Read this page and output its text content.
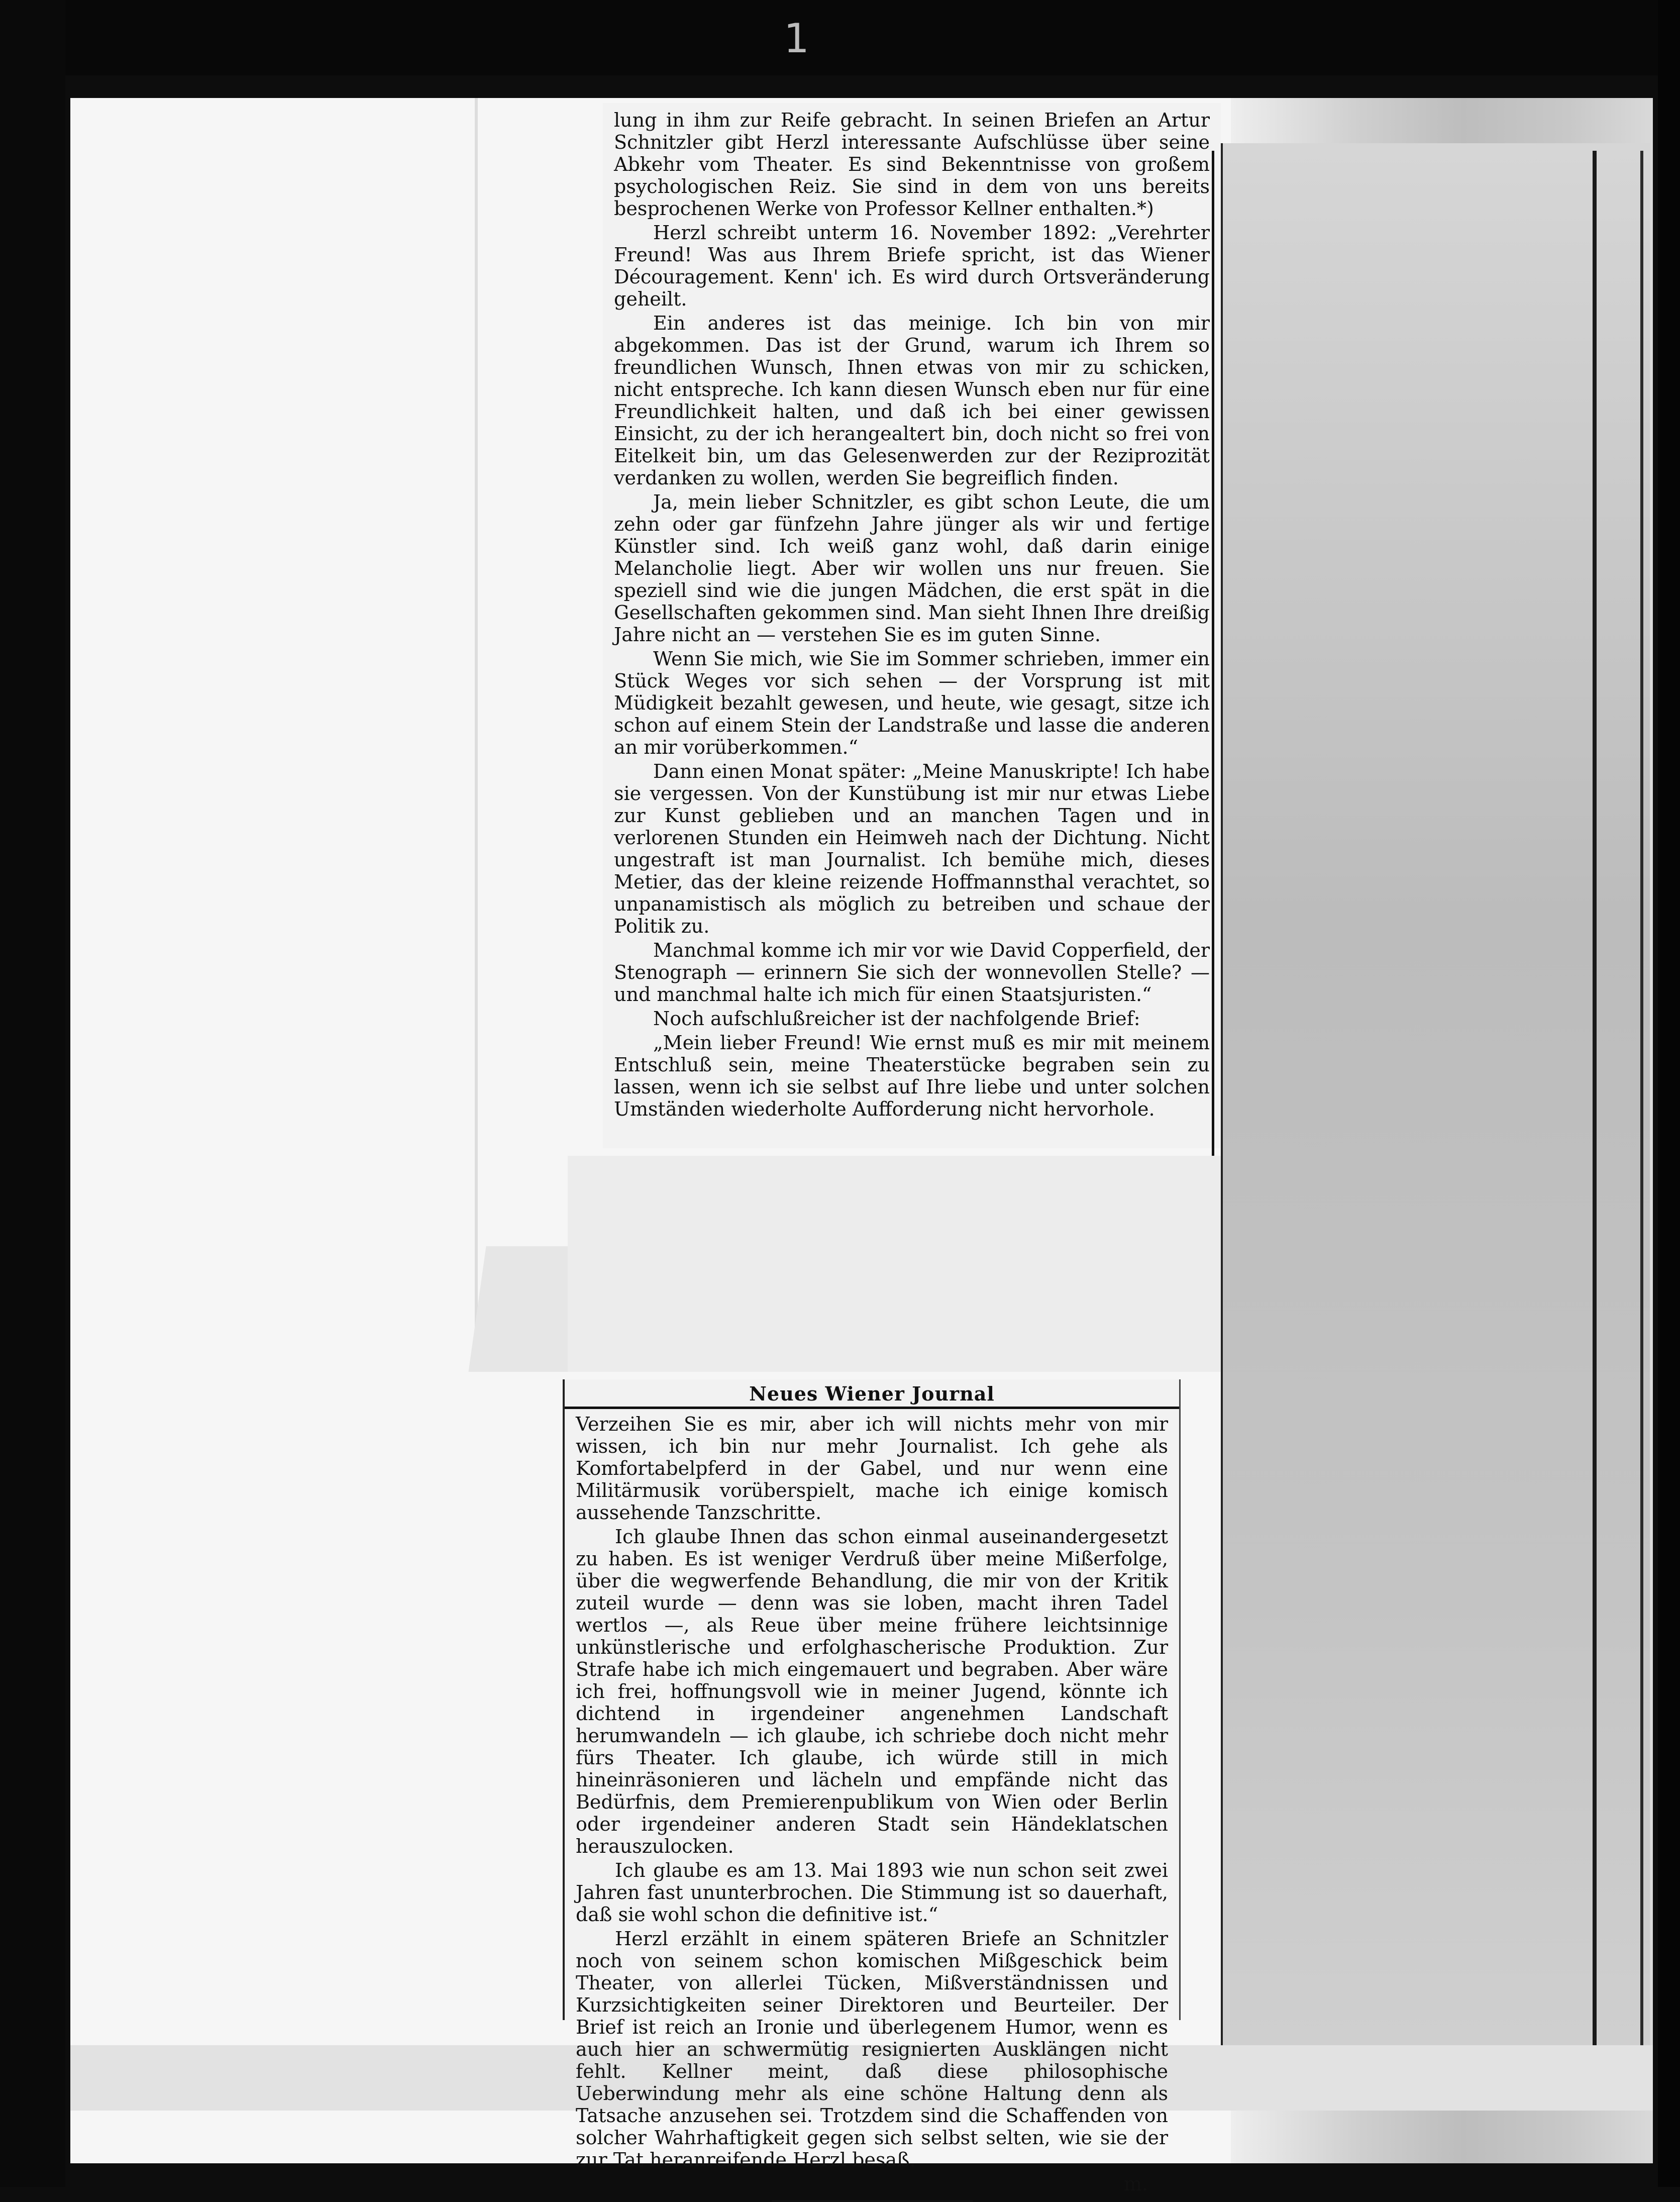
1

lung in ihm zur Reife gebracht. In seinen Briefen an Artur Schnitzler gibt Herzl interessante Aufschlüsse über seine Abkehr vom Theater. Es sind Bekenntnisse von großem psychologischen Reiz. Sie sind in dem von uns bereits besprochenen Werke von Professor Kellner enthalten.*)

Herzl schreibt unterm 16. November 1892: „Verehrter Freund! Was aus Ihrem Briefe spricht, ist das Wiener Découragement. Kenn' ich. Es wird durch Ortsveränderung geheilt.

Ein anderes ist das meinige. Ich bin von mir abgekommen. Das ist der Grund, warum ich Ihrem so freundlichen Wunsch, Ihnen etwas von mir zu schicken, nicht entspreche. Ich kann diesen Wunsch eben nur für eine Freundlichkeit halten, und daß ich bei einer gewissen Einsicht, zu der ich herangealtert bin, doch nicht so frei von Eitelkeit bin, um das Gelesenwerden zur der Reziprozität verdanken zu wollen, werden Sie begreiflich finden.

Ja, mein lieber Schnitzler, es gibt schon Leute, die um zehn oder gar fünfzehn Jahre jünger als wir und fertige Künstler sind. Ich weiß ganz wohl, daß darin einige Melancholie liegt. Aber wir wollen uns nur freuen. Sie speziell sind wie die jungen Mädchen, die erst spät in die Gesellschaften gekommen sind. Man sieht Ihnen Ihre dreißig Jahre nicht an — verstehen Sie es im guten Sinne.

Wenn Sie mich, wie Sie im Sommer schrieben, immer ein Stück Weges vor sich sehen — der Vorsprung ist mit Müdigkeit bezahlt gewesen, und heute, wie gesagt, sitze ich schon auf einem Stein der Landstraße und lasse die anderen an mir vorüberkommen.“

Dann einen Monat später: „Meine Manuskripte! Ich habe sie vergessen. Von der Kunstübung ist mir nur etwas Liebe zur Kunst geblieben und an manchen Tagen und in verlorenen Stunden ein Heimweh nach der Dichtung. Nicht ungestraft ist man Journalist. Ich bemühe mich, dieses Metier, das der kleine reizende Hoffmannsthal verachtet, so unpanamistisch als möglich zu betreiben und schaue der Politik zu.

Manchmal komme ich mir vor wie David Copperfield, der Stenograph — erinnern Sie sich der wonnevollen Stelle? — und manchmal halte ich mich für einen Staatsjuristen.“

Noch aufschlußreicher ist der nachfolgende Brief:

„Mein lieber Freund! Wie ernst muß es mir mit meinem Entschluß sein, meine Theaterstücke begraben sein zu lassen, wenn ich sie selbst auf Ihre liebe und unter solchen Umständen wiederholte Aufforderung nicht hervorhole.

Neues Wiener Journal

Verzeihen Sie es mir, aber ich will nichts mehr von mir wissen, ich bin nur mehr Journalist. Ich gehe als Komfortabelpferd in der Gabel, und nur wenn eine Militärmusik vorüberspielt, mache ich einige komisch aussehende Tanzschritte.

Ich glaube Ihnen das schon einmal auseinandergesetzt zu haben. Es ist weniger Verdruß über meine Mißerfolge, über die wegwerfende Behandlung, die mir von der Kritik zuteil wurde — denn was sie loben, macht ihren Tadel wertlos —, als Reue über meine frühere leichtsinnige unkünstlerische und erfolghascherische Produktion. Zur Strafe habe ich mich eingemauert und begraben. Aber wäre ich frei, hoffnungsvoll wie in meiner Jugend, könnte ich dichtend in irgendeiner angenehmen Landschaft herumwandeln — ich glaube, ich schriebe doch nicht mehr fürs Theater. Ich glaube, ich würde still in mich hineinräsonieren und lächeln und empfände nicht das Bedürfnis, dem Premierenpublikum von Wien oder Berlin oder irgendeiner anderen Stadt sein Händeklatschen herauszulocken.

Ich glaube es am 13. Mai 1893 wie nun schon seit zwei Jahren fast ununterbrochen. Die Stimmung ist so dauerhaft, daß sie wohl schon die definitive ist.“

Herzl erzählt in einem späteren Briefe an Schnitzler noch von seinem schon komischen Mißgeschick beim Theater, von allerlei Tücken, Mißverständnissen und Kurzsichtigkeiten seiner Direktoren und Beurteiler. Der Brief ist reich an Ironie und überlegenem Humor, wenn es auch hier an schwermütig resignierten Ausklängen nicht fehlt. Kellner meint, daß diese philosophische Ueberwindung mehr als eine schöne Haltung denn als Tatsache anzusehen sei. Trotzdem sind die Schaffenden von solcher Wahrhaftigkeit gegen sich selbst selten, wie sie der zur Tat heranreifende Herzl besaß.

m.
